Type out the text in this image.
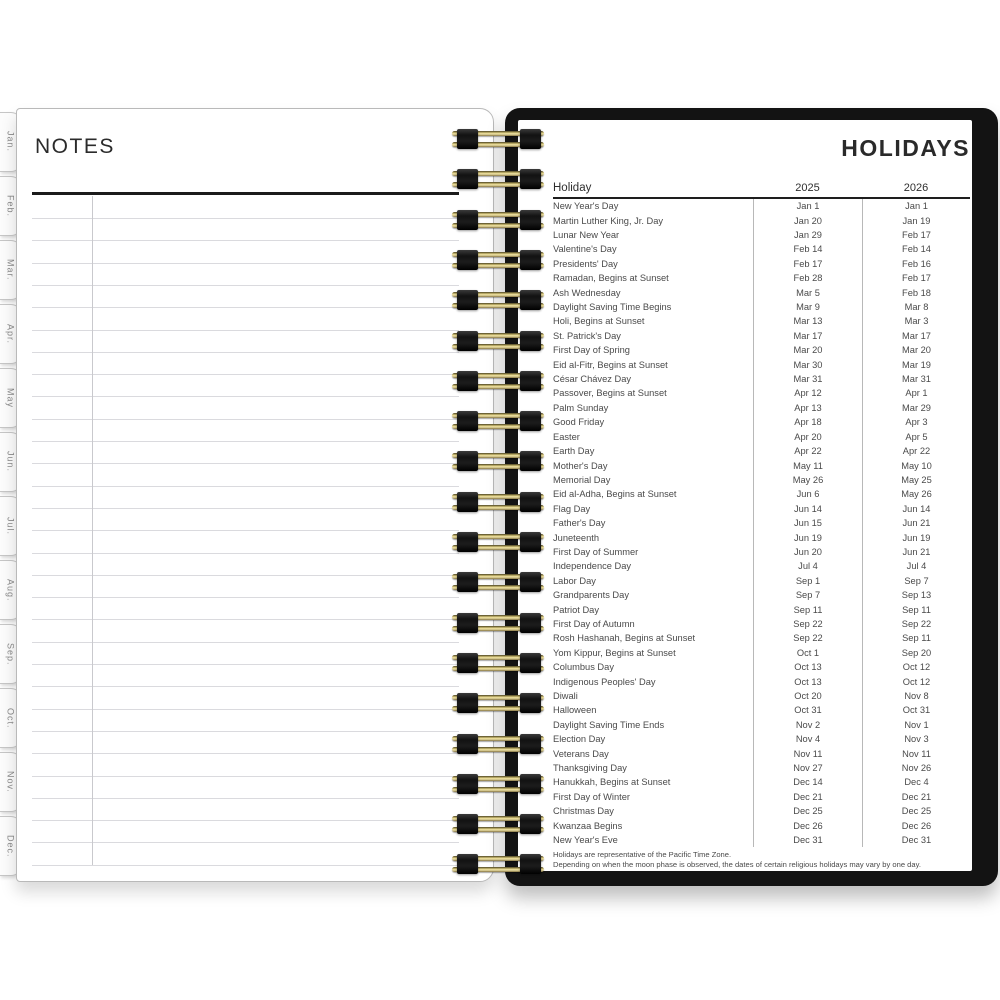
Jan.
Feb.
Mar.
Apr.
May
Jun.
Jul.
Aug.
Sep.
Oct.
Nov.
Dec.
NOTES	HOLIDAYS
Holiday	2025	2026
New Year's Day	Jan 1	Jan 1
Martin Luther King, Jr. Day	Jan 20	Jan 19
Lunar New Year	Jan 29	Feb 17
Valentine's Day	Feb 14	Feb 14
Presidents' Day	Feb 17	Feb 16
Ramadan, Begins at Sunset	Feb 28	Feb 17
Ash Wednesday	Mar 5	Feb 18
Daylight Saving Time Begins	Mar 9	Mar 8
Holi, Begins at Sunset	Mar 13	Mar 3
St. Patrick's Day	Mar 17	Mar 17
First Day of Spring	Mar 20	Mar 20
Eid al-Fitr, Begins at Sunset	Mar 30	Mar 19
César Chávez Day	Mar 31	Mar 31
Passover, Begins at Sunset	Apr 12	Apr 1
Palm Sunday	Apr 13	Mar 29
Good Friday	Apr 18	Apr 3
Easter	Apr 20	Apr 5
Earth Day	Apr 22	Apr 22
Mother's Day	May 11	May 10
Memorial Day	May 26	May 25
Eid al-Adha, Begins at Sunset	Jun 6	May 26
Flag Day	Jun 14	Jun 14
Father's Day	Jun 15	Jun 21
Juneteenth	Jun 19	Jun 19
First Day of Summer	Jun 20	Jun 21
Independence Day	Jul 4	Jul 4
Labor Day	Sep 1	Sep 7
Grandparents Day	Sep 7	Sep 13
Patriot Day	Sep 11	Sep 11
First Day of Autumn	Sep 22	Sep 22
Rosh Hashanah, Begins at Sunset	Sep 22	Sep 11
Yom Kippur, Begins at Sunset	Oct 1	Sep 20
Columbus Day	Oct 13	Oct 12
Indigenous Peoples' Day	Oct 13	Oct 12
Diwali	Oct 20	Nov 8
Halloween	Oct 31	Oct 31
Daylight Saving Time Ends	Nov 2	Nov 1
Election Day	Nov 4	Nov 3
Veterans Day	Nov 11	Nov 11
Thanksgiving Day	Nov 27	Nov 26
Hanukkah, Begins at Sunset	Dec 14	Dec 4
First Day of Winter	Dec 21	Dec 21
Christmas Day	Dec 25	Dec 25
Kwanzaa Begins	Dec 26	Dec 26
New Year's Eve	Dec 31	Dec 31
Holidays are representative of the Pacific Time Zone.
Depending on when the moon phase is observed, the dates of certain religious holidays may vary by one day.
